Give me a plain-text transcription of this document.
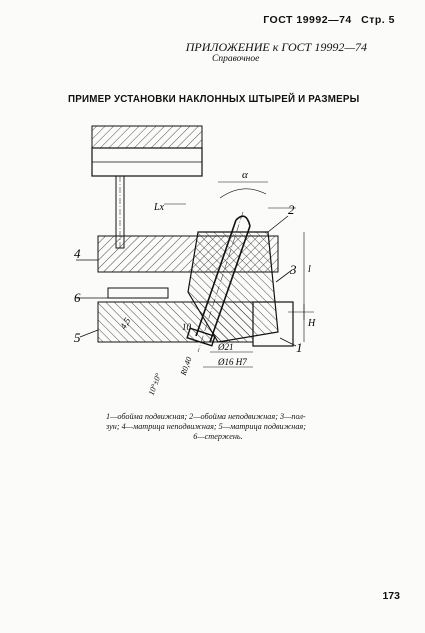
ГОСТ 19992—74 Стр. 5
ПРИЛОЖЕНИЕ к ГОСТ 19992—74
Справочное
ПРИМЕР УСТАНОВКИ НАКЛОННЫХ ШТЫРЕЙ И РАЗМЕРЫ
1
2
3
4
5
6
α
Lx
l
H
Ø21
Ø16 H7
R0,40
4,5	10
10°±0°
1—обойма подвижная; 2—обойма неподвижная; 3—пол-
зун; 4—матрица неподвижная; 5—матрица подвижная;
6—стержень.
173
